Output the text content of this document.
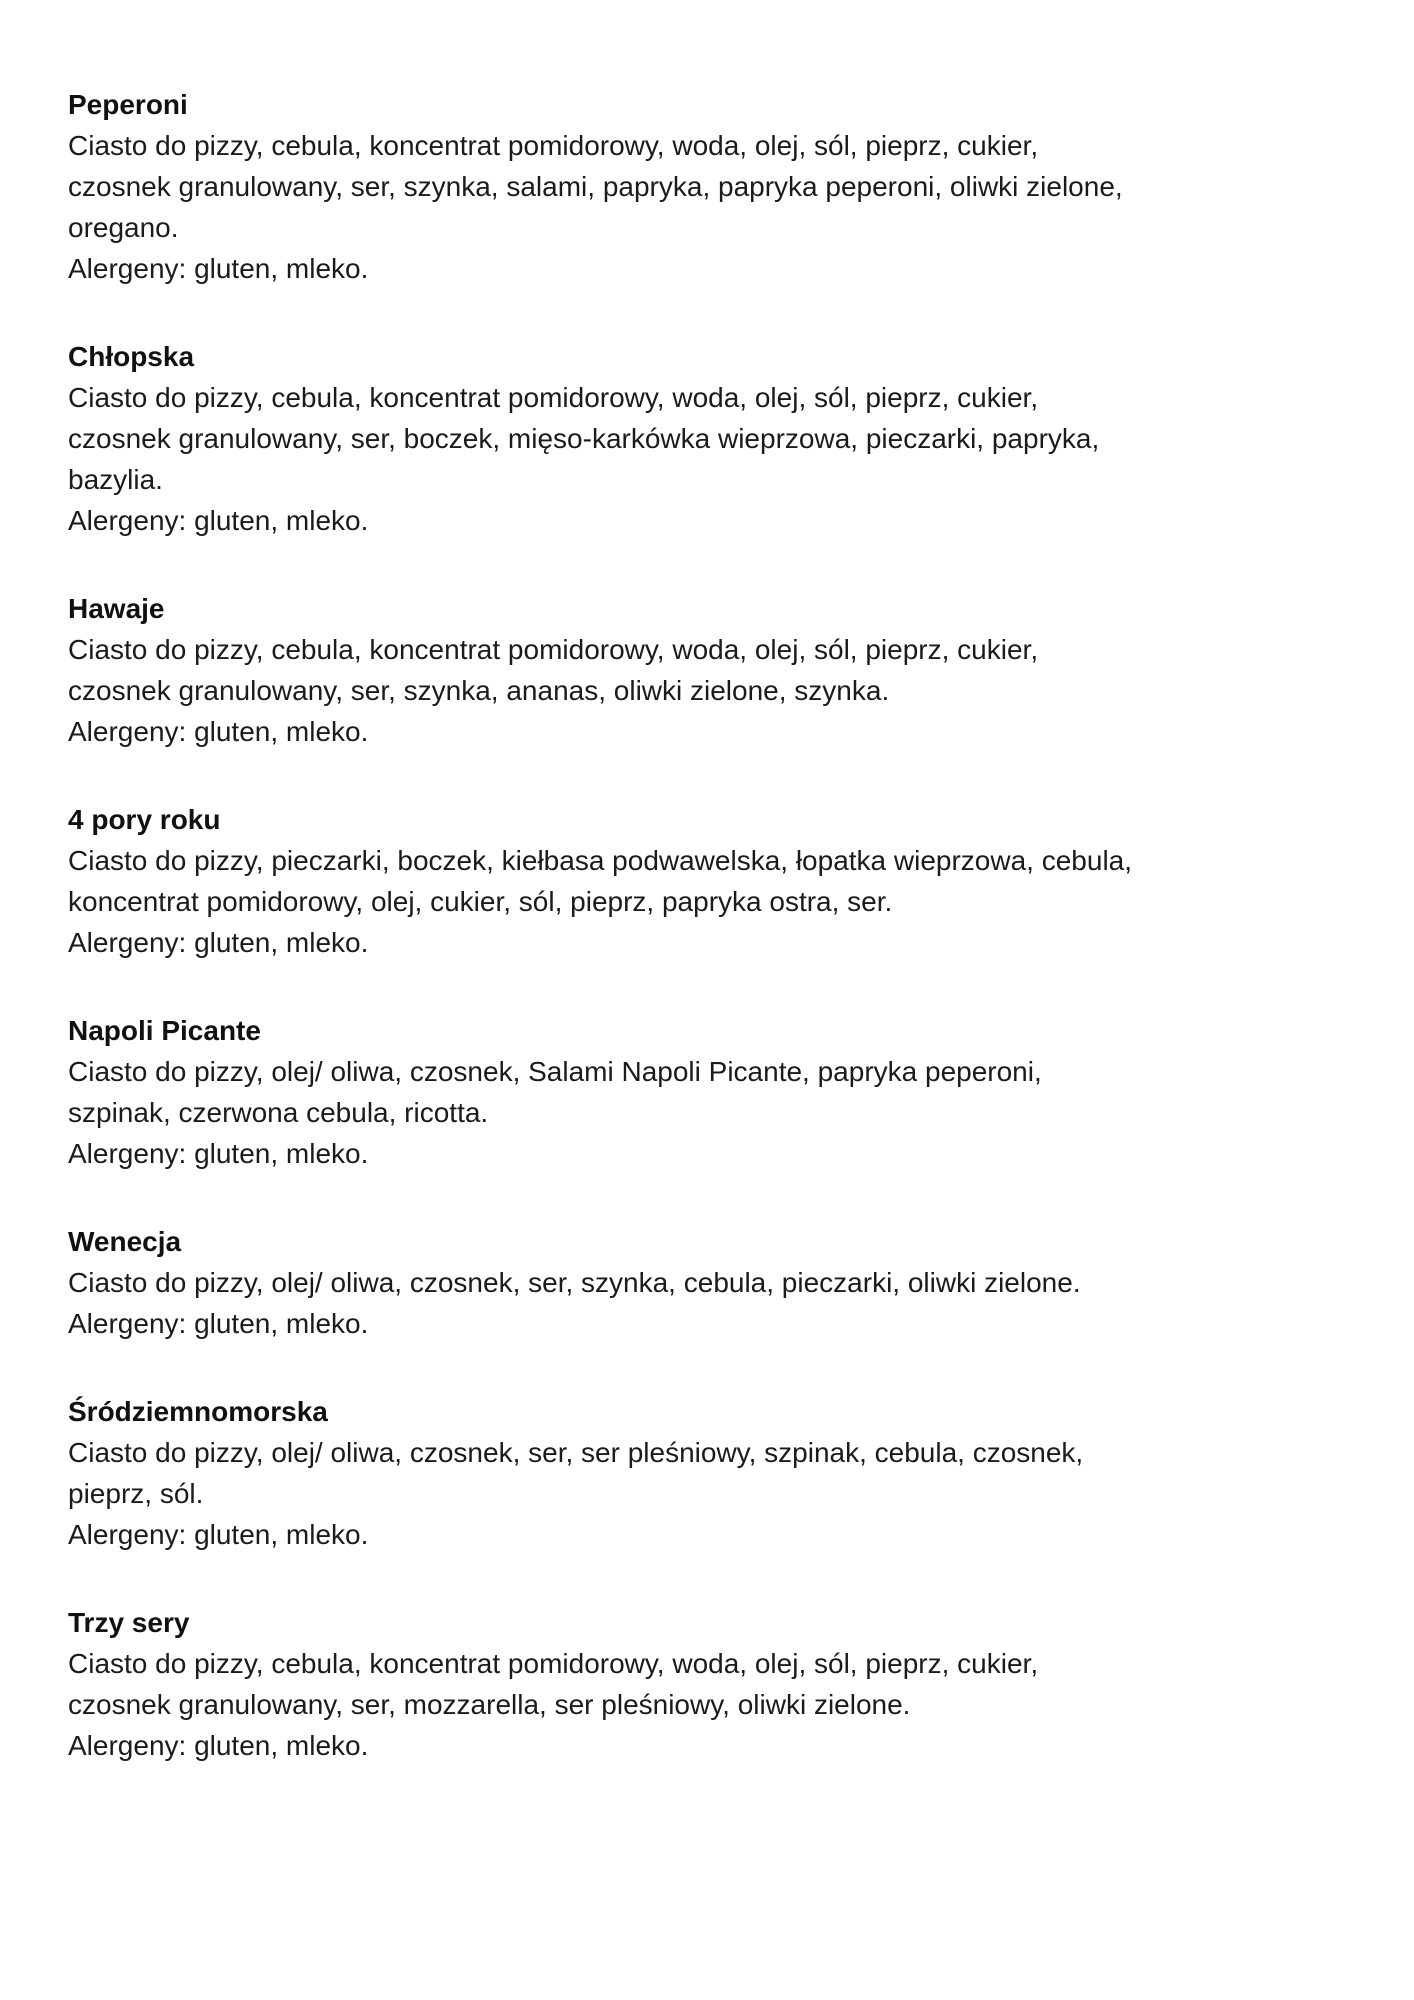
Peperoni
Ciasto do pizzy, cebula, koncentrat pomidorowy, woda, olej, sól, pieprz, cukier,
czosnek granulowany, ser, szynka, salami, papryka, papryka peperoni, oliwki zielone,
oregano.
Alergeny: gluten, mleko.
Chłopska
Ciasto do pizzy, cebula, koncentrat pomidorowy, woda, olej, sól, pieprz, cukier,
czosnek granulowany, ser, boczek, mięso-karkówka wieprzowa, pieczarki, papryka,
bazylia.
Alergeny: gluten, mleko.
Hawaje
Ciasto do pizzy, cebula, koncentrat pomidorowy, woda, olej, sól, pieprz, cukier,
czosnek granulowany, ser, szynka, ananas, oliwki zielone, szynka.
Alergeny: gluten, mleko.
4 pory roku
Ciasto do pizzy, pieczarki, boczek, kiełbasa podwawelska, łopatka wieprzowa, cebula,
koncentrat pomidorowy, olej, cukier, sól, pieprz, papryka ostra, ser.
Alergeny: gluten, mleko.
Napoli Picante
Ciasto do pizzy, olej/ oliwa, czosnek, Salami Napoli Picante, papryka peperoni,
szpinak, czerwona cebula, ricotta.
Alergeny: gluten, mleko.
Wenecja
Ciasto do pizzy, olej/ oliwa, czosnek, ser, szynka, cebula, pieczarki, oliwki zielone.
Alergeny: gluten, mleko.
Śródziemnomorska
Ciasto do pizzy, olej/ oliwa, czosnek, ser, ser pleśniowy, szpinak, cebula, czosnek,
pieprz, sól.
Alergeny: gluten, mleko.
Trzy sery
Ciasto do pizzy, cebula, koncentrat pomidorowy, woda, olej, sól, pieprz, cukier,
czosnek granulowany, ser, mozzarella, ser pleśniowy, oliwki zielone.
Alergeny: gluten, mleko.
